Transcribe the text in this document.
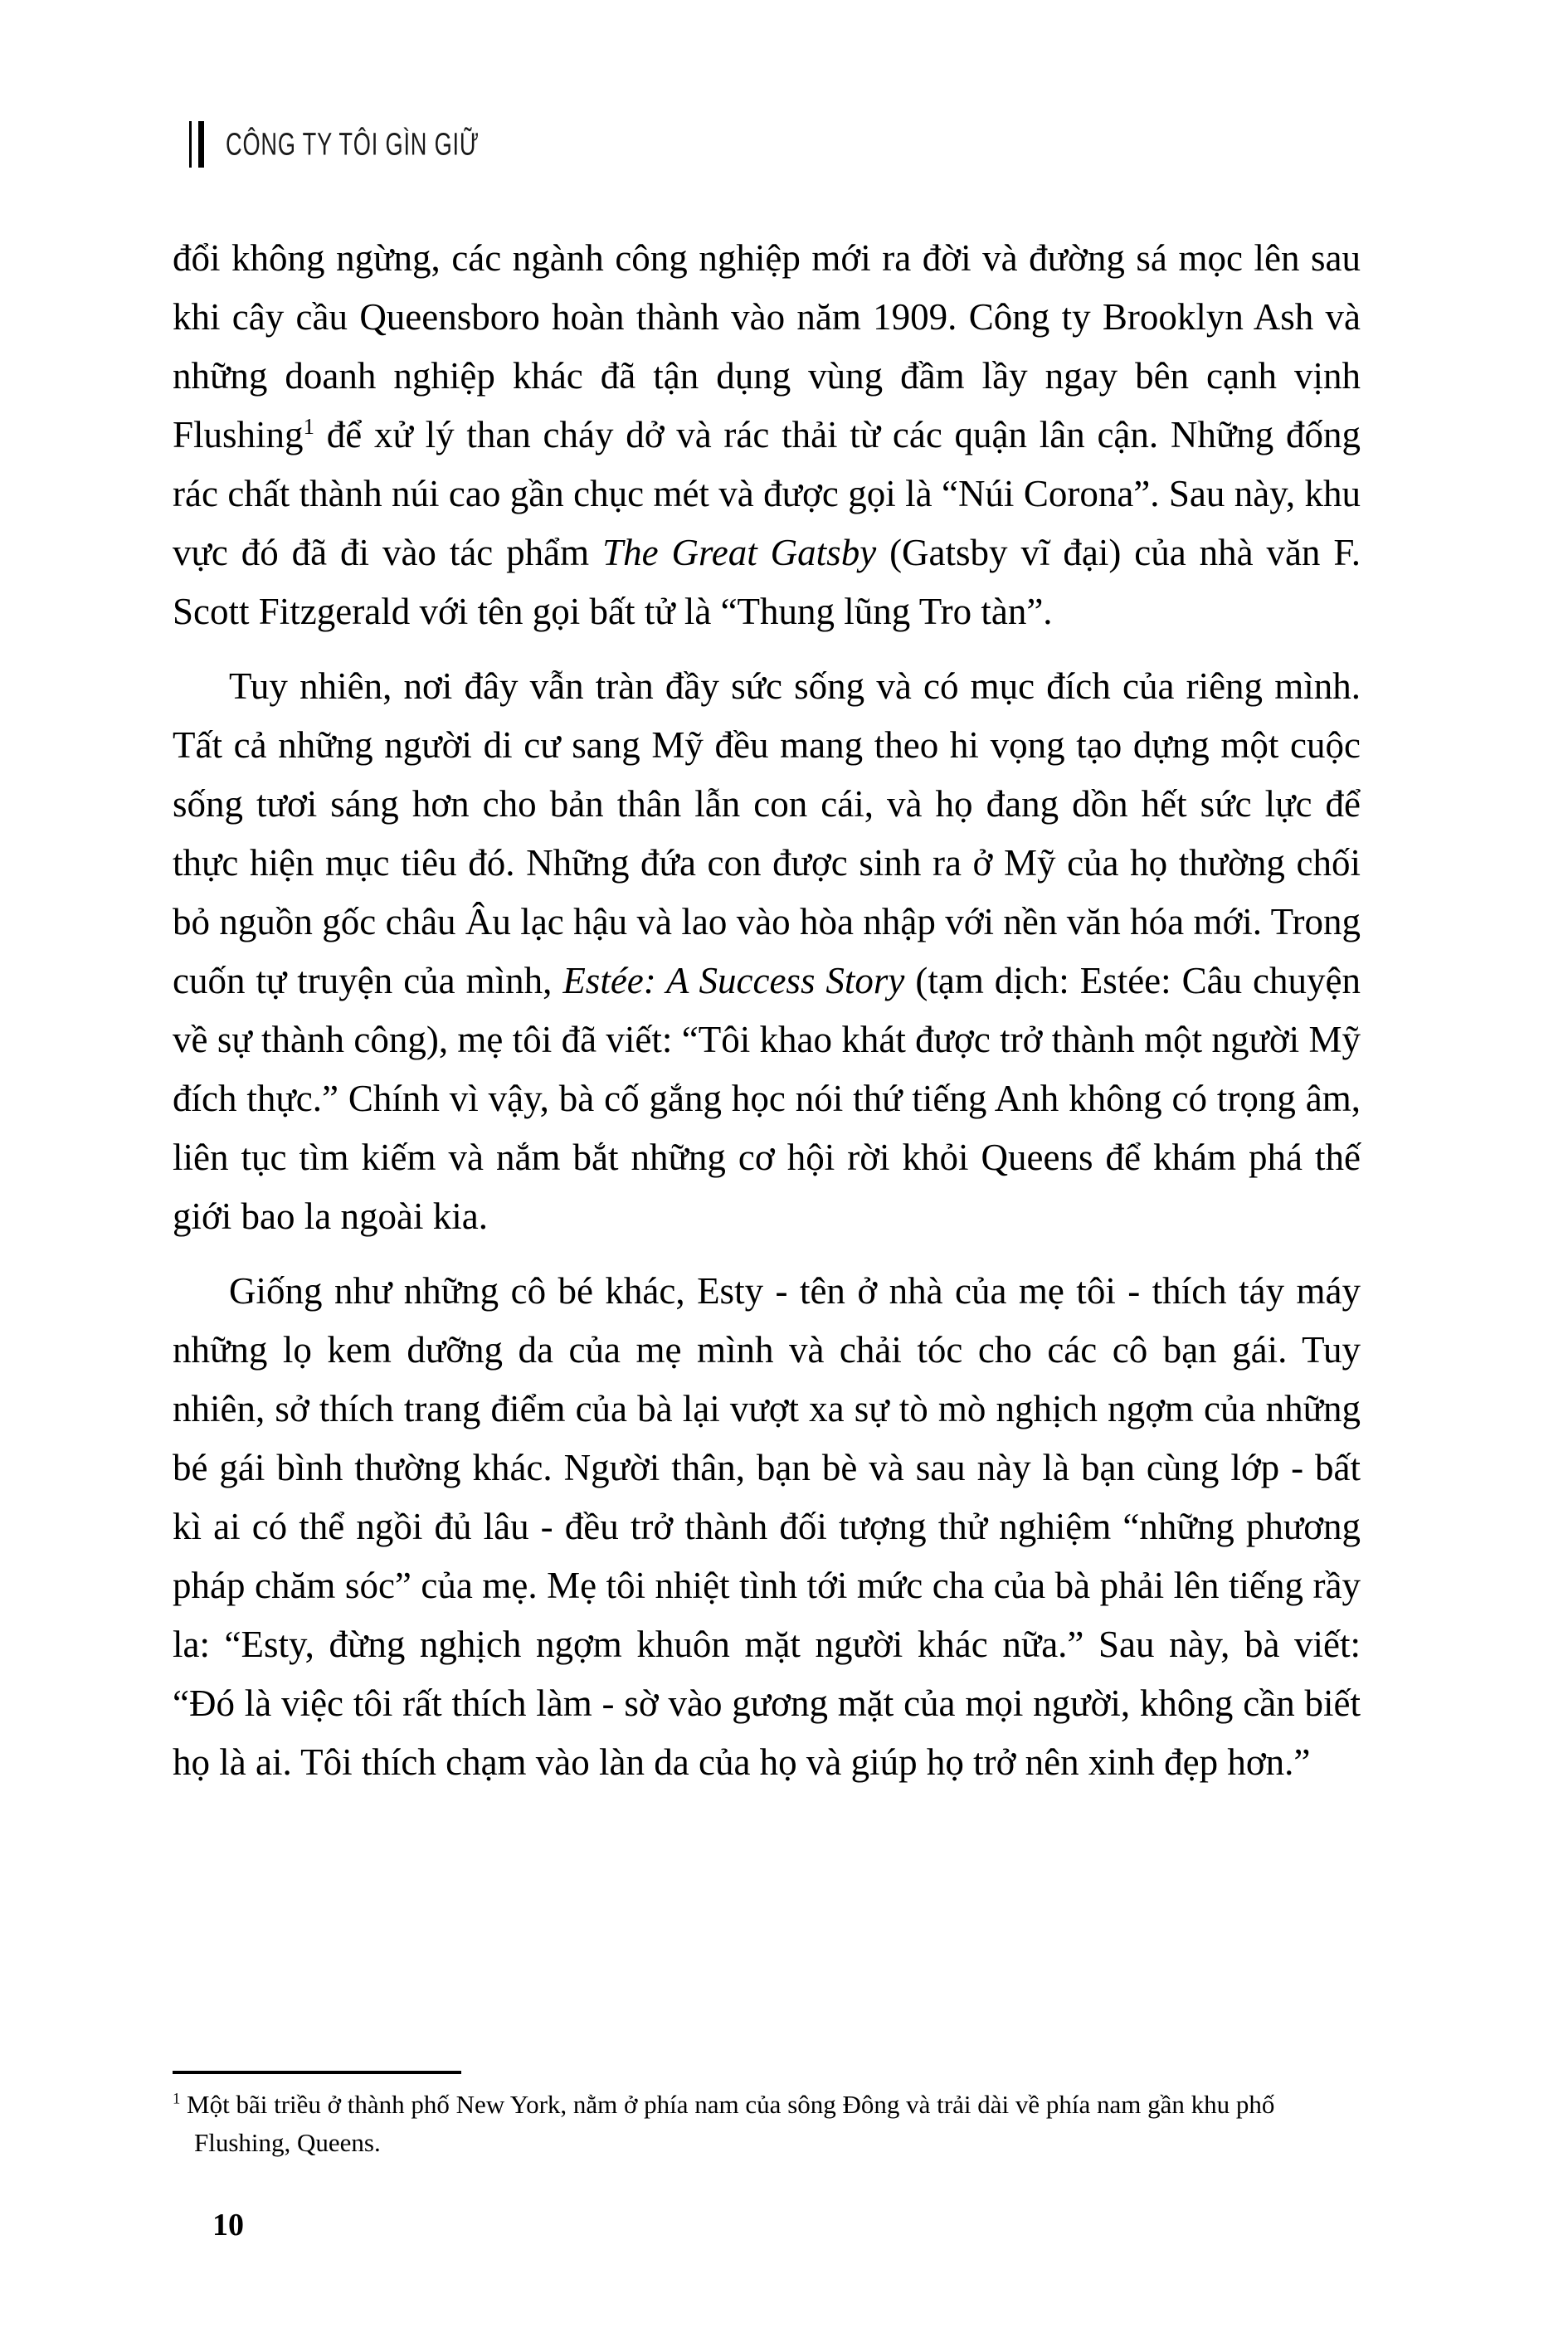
CÔNG TY TÔI GÌN GIỮ

đổi không ngừng, các ngành công nghiệp mới ra đời và đường sá mọc lên sau khi cây cầu Queensboro hoàn thành vào năm 1909. Công ty Brooklyn Ash và những doanh nghiệp khác đã tận dụng vùng đầm lầy ngay bên cạnh vịnh Flushing$^1$ để xử lý than cháy dở và rác thải từ các quận lân cận. Những đống rác chất thành núi cao gần chục mét và được gọi là “Núi Corona”. Sau này, khu vực đó đã đi vào tác phẩm The Great Gatsby (Gatsby vĩ đại) của nhà văn F. Scott Fitzgerald với tên gọi bất tử là “Thung lũng Tro tàn”.

Tuy nhiên, nơi đây vẫn tràn đầy sức sống và có mục đích của riêng mình. Tất cả những người di cư sang Mỹ đều mang theo hi vọng tạo dựng một cuộc sống tươi sáng hơn cho bản thân lẫn con cái, và họ đang dồn hết sức lực để thực hiện mục tiêu đó. Những đứa con được sinh ra ở Mỹ của họ thường chối bỏ nguồn gốc châu Âu lạc hậu và lao vào hòa nhập với nền văn hóa mới. Trong cuốn tự truyện của mình, Estée: A Success Story (tạm dịch: Estée: Câu chuyện về sự thành công), mẹ tôi đã viết: “Tôi khao khát được trở thành một người Mỹ đích thực.” Chính vì vậy, bà cố gắng học nói thứ tiếng Anh không có trọng âm, liên tục tìm kiếm và nắm bắt những cơ hội rời khỏi Queens để khám phá thế giới bao la ngoài kia.

Giống như những cô bé khác, Esty - tên ở nhà của mẹ tôi - thích táy máy những lọ kem dưỡng da của mẹ mình và chải tóc cho các cô bạn gái. Tuy nhiên, sở thích trang điểm của bà lại vượt xa sự tò mò nghịch ngợm của những bé gái bình thường khác. Người thân, bạn bè và sau này là bạn cùng lớp - bất kì ai có thể ngồi đủ lâu - đều trở thành đối tượng thử nghiệm “những phương pháp chăm sóc” của mẹ. Mẹ tôi nhiệt tình tới mức cha của bà phải lên tiếng rầy la: “Esty, đừng nghịch ngợm khuôn mặt người khác nữa.” Sau này, bà viết: “Đó là việc tôi rất thích làm - sờ vào gương mặt của mọi người, không cần biết họ là ai. Tôi thích chạm vào làn da của họ và giúp họ trở nên xinh đẹp hơn.”

$^1$ Một bãi triều ở thành phố New York, nằm ở phía nam của sông Đông và trải dài về phía nam gần khu phố Flushing, Queens.
10
